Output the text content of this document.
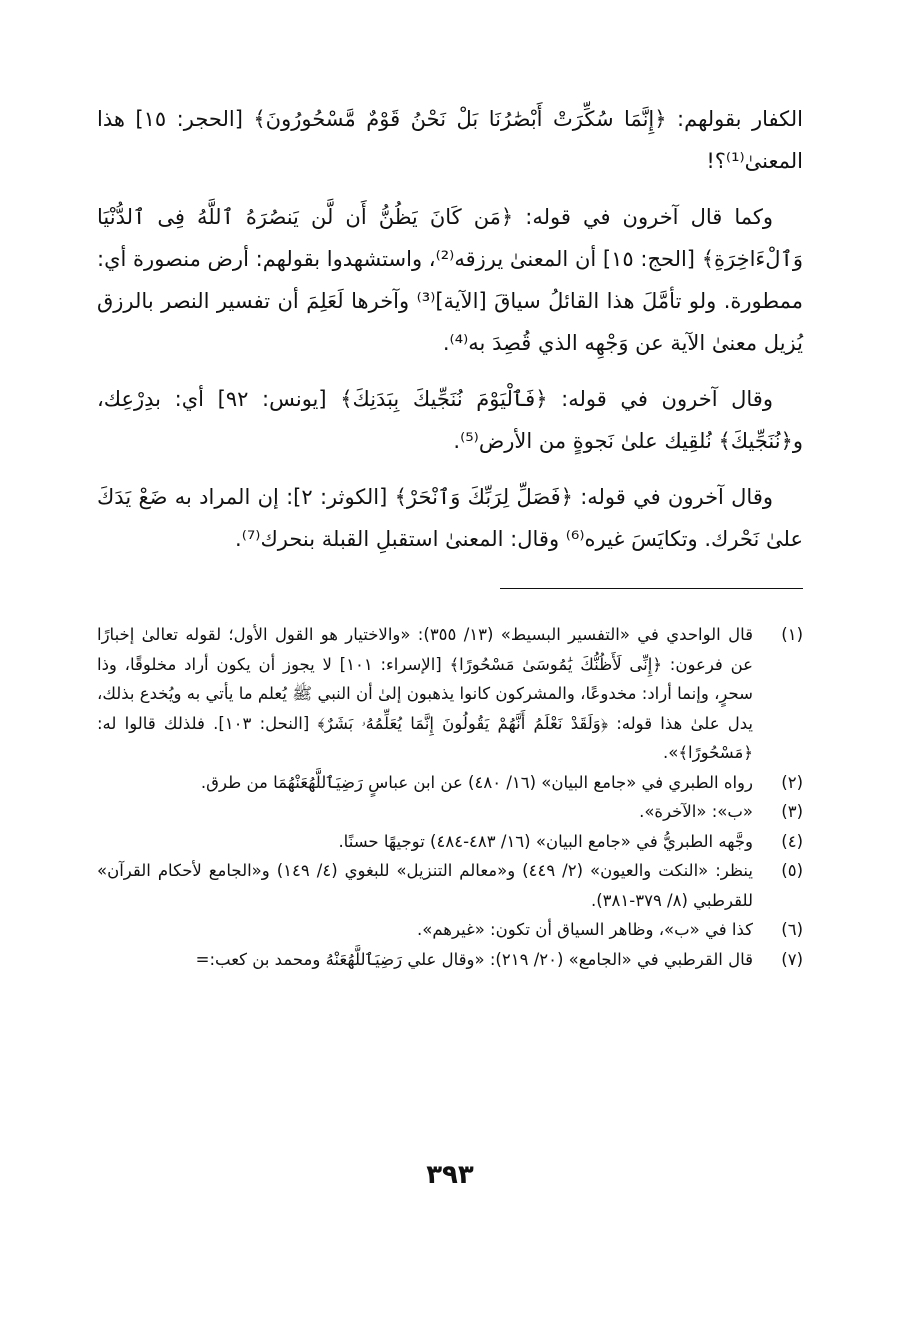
الكفار بقولهم: ﴿إِنَّمَا سُكِّرَتْ أَبْصَٰرُنَا بَلْ نَحْنُ قَوْمٌ مَّسْحُورُونَ﴾ [الحجر: ١٥] هذا المعنىٰ⁽¹⁾؟!

وكما قال آخرون في قوله: ﴿مَن كَانَ يَظُنُّ أَن لَّن يَنصُرَهُ ٱللَّهُ فِى ٱلدُّنْيَا وَٱلْءَاخِرَةِ﴾ [الحج: ١٥] أن المعنىٰ يرزقه⁽²⁾، واستشهدوا بقولهم: أرض منصورة أي: ممطورة. ولو تأمَّلَ هذا القائلُ سياقَ [الآية]⁽³⁾ وآخرها لَعَلِمَ أن تفسير النصر بالرزق يُزيل معنىٰ الآية عن وَجْهِه الذي قُصِدَ به⁽⁴⁾.

وقال آخرون في قوله: ﴿فَٱلْيَوْمَ نُنَجِّيكَ بِبَدَنِكَ﴾ [يونس: ٩٢] أي: بدِرْعِك، و﴿نُنَجِّيكَ﴾ نُلقِيك علىٰ نَجوةٍ من الأرض⁽⁵⁾.

وقال آخرون في قوله: ﴿فَصَلِّ لِرَبِّكَ وَٱنْحَرْ﴾ [الكوثر: ٢]: إن المراد به ضَعْ يَدَكَ علىٰ نَحْرك. وتكايَسَ غيره⁽⁶⁾ وقال: المعنىٰ استقبلِ القبلة بنحرك⁽⁷⁾.

(١)
قال الواحدي في «التفسير البسيط» (١٣/ ٣٥٥): «والاختيار هو القول الأول؛ لقوله تعالىٰ إخبارًا عن فرعون: ﴿إِنِّى لَأَظُنُّكَ يَٰمُوسَىٰ مَسْحُورًا﴾ [الإسراء: ١٠١] لا يجوز أن يكون أراد مخلوقًا، وذا سحرٍ، وإنما أراد: مخدوعًا، والمشركون كانوا يذهبون إلىٰ أن النبي ﷺ يُعلم ما يأتي به ويُخدع بذلك، يدل علىٰ هذا قوله: ﴿وَلَقَدْ نَعْلَمُ أَنَّهُمْ يَقُولُونَ إِنَّمَا يُعَلِّمُهُۥ بَشَرٌ﴾ [النحل: ١٠٣]. فلذلك قالوا له: ﴿مَسْحُورًا﴾».
(٢)
رواه الطبري في «جامع البيان» (١٦/ ٤٨٠) عن ابن عباسٍ رَضِيَٱللَّهُعَنْهُمَا من طرق.
(٣)
«ب»: «الآخرة».
(٤)
وجَّهه الطبريُّ في «جامع البيان» (١٦/ ٤٨٣-٤٨٤) توجيهًا حسنًا.
(٥)
ينظر: «النكت والعيون» (٢/ ٤٤٩) و«معالم التنزيل» للبغوي (٤/ ١٤٩) و«الجامع لأحكام القرآن» للقرطبي (٨/ ٣٧٩-٣٨١).
(٦)
كذا في «ب»، وظاهر السياق أن تكون: «غيرهم».
(٧)
قال القرطبي في «الجامع» (٢٠/ ٢١٩): «وقال علي رَضِيَٱللَّهُعَنْهُ ومحمد بن كعب:=
٣٩٣
